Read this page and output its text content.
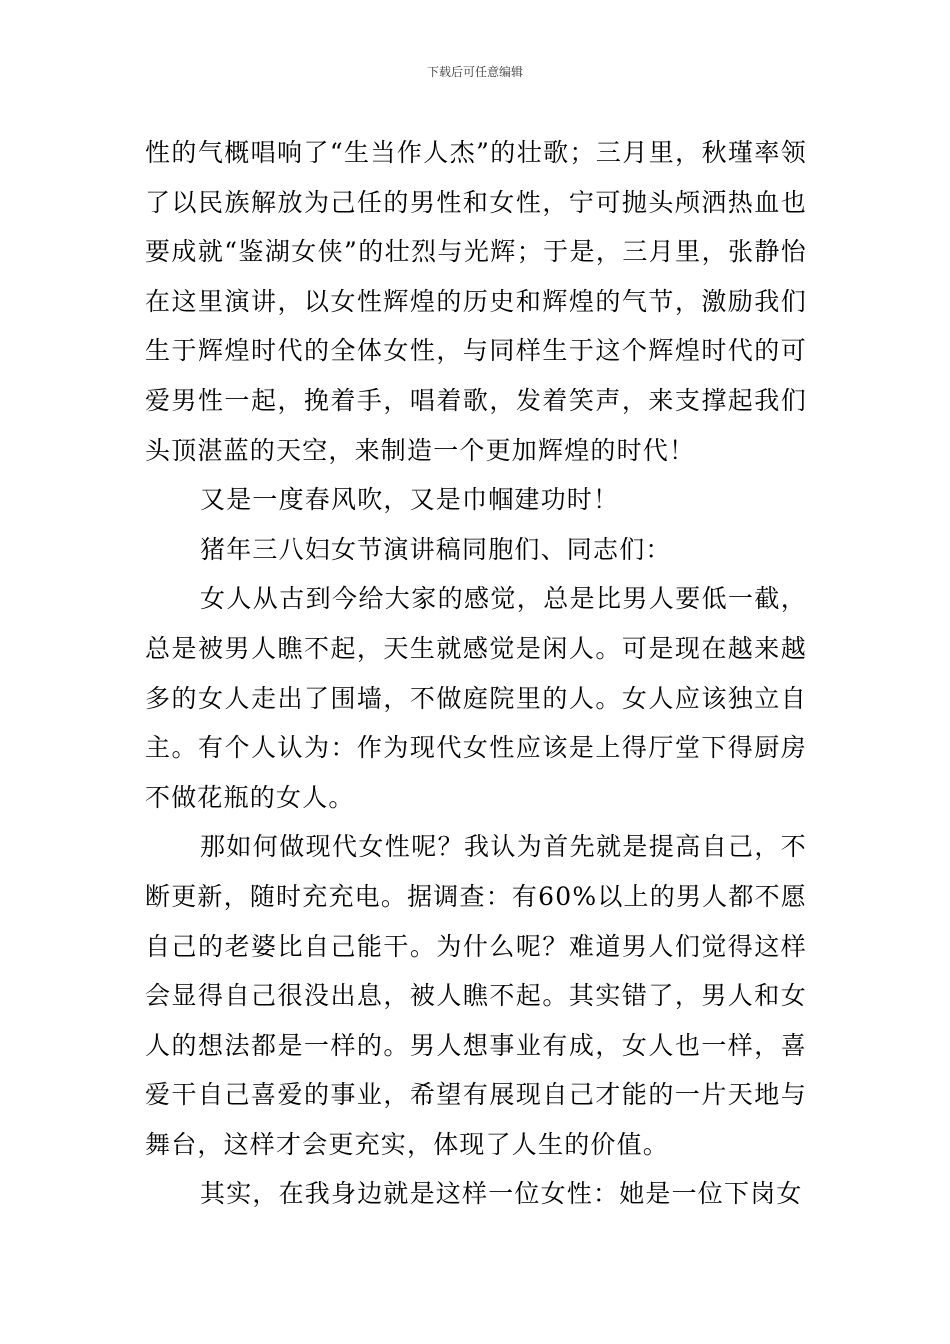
下载后可任意编辑

性的气概唱响了“生当作人杰”的壮歌；三月里，秋瑾率领了以民族解放为己任的男性和女性，宁可抛头颅洒热血也要成就“鉴湖女侠”的壮烈与光辉；于是，三月里，张静怡在这里演讲，以女性辉煌的历史和辉煌的气节，激励我们生于辉煌时代的全体女性，与同样生于这个辉煌时代的可爱男性一起，挽着手，唱着歌，发着笑声，来支撑起我们头顶湛蓝的天空，来制造一个更加辉煌的时代！

又是一度春风吹，又是巾帼建功时！

猪年三八妇女节演讲稿同胞们、同志们：

女人从古到今给大家的感觉，总是比男人要低一截，总是被男人瞧不起，天生就感觉是闲人。可是现在越来越多的女人走出了围墙，不做庭院里的人。女人应该独立自主。有个人认为：作为现代女性应该是上得厅堂下得厨房不做花瓶的女人。

那如何做现代女性呢？我认为首先就是提高自己，不断更新，随时充充电。据调查：有60%以上的男人都不愿自己的老婆比自己能干。为什么呢？难道男人们觉得这样会显得自己很没出息，被人瞧不起。其实错了，男人和女人的想法都是一样的。男人想事业有成，女人也一样，喜爱干自己喜爱的事业，希望有展现自己才能的一片天地与舞台，这样才会更充实，体现了人生的价值。

其实，在我身边就是这样一位女性：她是一位下岗女
